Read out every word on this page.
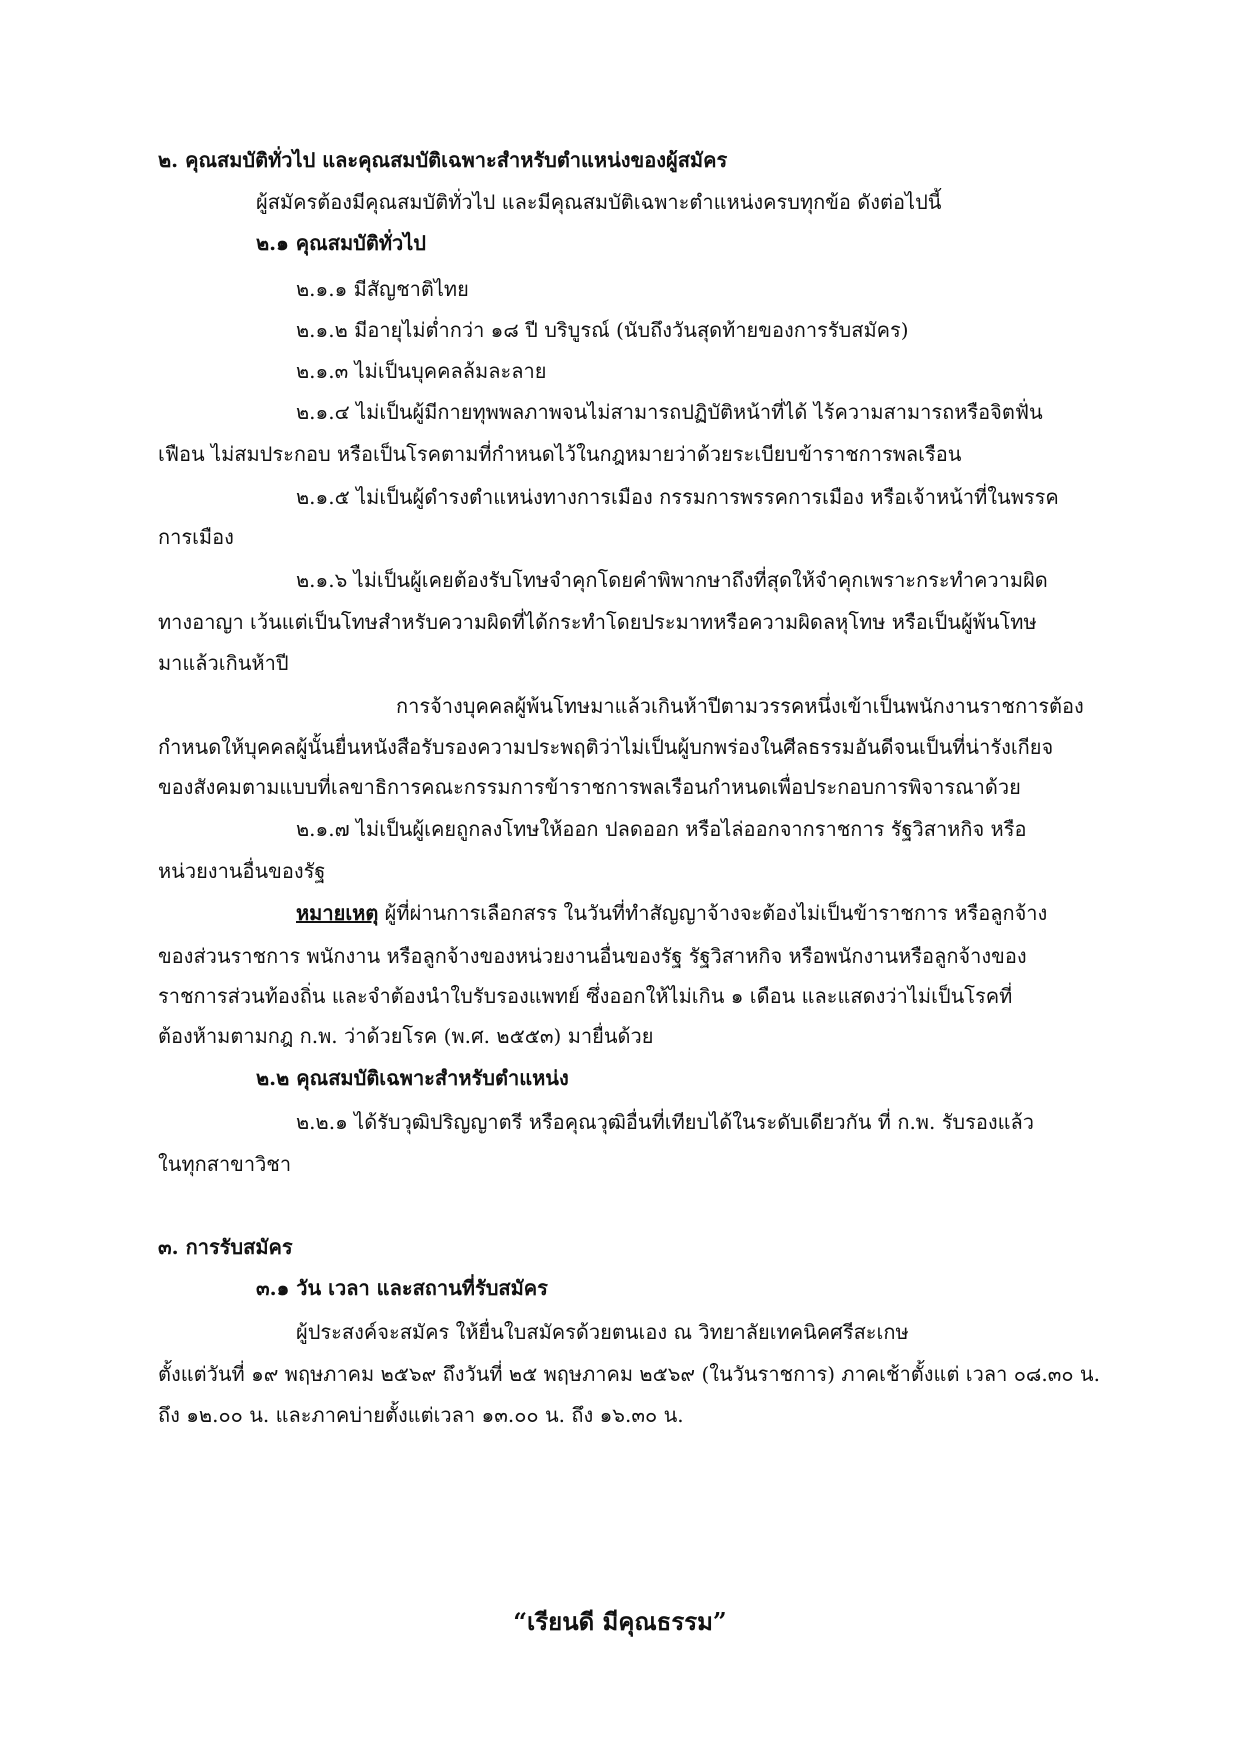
๒. คุณสมบัติทั่วไป และคุณสมบัติเฉพาะสำหรับตำแหน่งของผู้สมัคร
ผู้สมัครต้องมีคุณสมบัติทั่วไป และมีคุณสมบัติเฉพาะตำแหน่งครบทุกข้อ ดังต่อไปนี้
๒.๑ คุณสมบัติทั่วไป
๒.๑.๑ มีสัญชาติไทย
๒.๑.๒ มีอายุไม่ต่ำกว่า ๑๘ ปี บริบูรณ์ (นับถึงวันสุดท้ายของการรับสมัคร)
๒.๑.๓ ไม่เป็นบุคคลล้มละลาย
๒.๑.๔ ไม่เป็นผู้มีกายทุพพลภาพจนไม่สามารถปฏิบัติหน้าที่ได้ ไร้ความสามารถหรือจิตฟั่น
เฟือน ไม่สมประกอบ หรือเป็นโรคตามที่กำหนดไว้ในกฎหมายว่าด้วยระเบียบข้าราชการพลเรือน
๒.๑.๕ ไม่เป็นผู้ดำรงตำแหน่งทางการเมือง กรรมการพรรคการเมือง หรือเจ้าหน้าที่ในพรรค
การเมือง
๒.๑.๖ ไม่เป็นผู้เคยต้องรับโทษจำคุกโดยคำพิพากษาถึงที่สุดให้จำคุกเพราะกระทำความผิด
ทางอาญา เว้นแต่เป็นโทษสำหรับความผิดที่ได้กระทำโดยประมาทหรือความผิดลหุโทษ หรือเป็นผู้พ้นโทษ
มาแล้วเกินห้าปี
การจ้างบุคคลผู้พ้นโทษมาแล้วเกินห้าปีตามวรรคหนึ่งเข้าเป็นพนักงานราชการต้อง
กำหนดให้บุคคลผู้นั้นยื่นหนังสือรับรองความประพฤติว่าไม่เป็นผู้บกพร่องในศีลธรรมอันดีจนเป็นที่น่ารังเกียจ
ของสังคมตามแบบที่เลขาธิการคณะกรรมการข้าราชการพลเรือนกำหนดเพื่อประกอบการพิจารณาด้วย
๒.๑.๗ ไม่เป็นผู้เคยถูกลงโทษให้ออก ปลดออก หรือไล่ออกจากราชการ รัฐวิสาหกิจ หรือ
หน่วยงานอื่นของรัฐ
หมายเหตุ ผู้ที่ผ่านการเลือกสรร ในวันที่ทำสัญญาจ้างจะต้องไม่เป็นข้าราชการ หรือลูกจ้าง
ของส่วนราชการ พนักงาน หรือลูกจ้างของหน่วยงานอื่นของรัฐ รัฐวิสาหกิจ หรือพนักงานหรือลูกจ้างของ
ราชการส่วนท้องถิ่น และจำต้องนำใบรับรองแพทย์ ซึ่งออกให้ไม่เกิน ๑ เดือน และแสดงว่าไม่เป็นโรคที่
ต้องห้ามตามกฎ ก.พ. ว่าด้วยโรค (พ.ศ. ๒๕๕๓) มายื่นด้วย
๒.๒ คุณสมบัติเฉพาะสำหรับตำแหน่ง
๒.๒.๑ ได้รับวุฒิปริญญาตรี หรือคุณวุฒิอื่นที่เทียบได้ในระดับเดียวกัน ที่ ก.พ. รับรองแล้ว
ในทุกสาขาวิชา
๓. การรับสมัคร
๓.๑ วัน เวลา และสถานที่รับสมัคร
ผู้ประสงค์จะสมัคร ให้ยื่นใบสมัครด้วยตนเอง ณ วิทยาลัยเทคนิคศรีสะเกษ
ตั้งแต่วันที่ ๑๙ พฤษภาคม ๒๕๖๙ ถึงวันที่ ๒๕ พฤษภาคม ๒๕๖๙ (ในวันราชการ) ภาคเช้าตั้งแต่ เวลา ๐๘.๓๐ น.
ถึง ๑๒.๐๐ น. และภาคบ่ายตั้งแต่เวลา ๑๓.๐๐ น. ถึง ๑๖.๓๐ น.
“เรียนดี มีคุณธรรม”
